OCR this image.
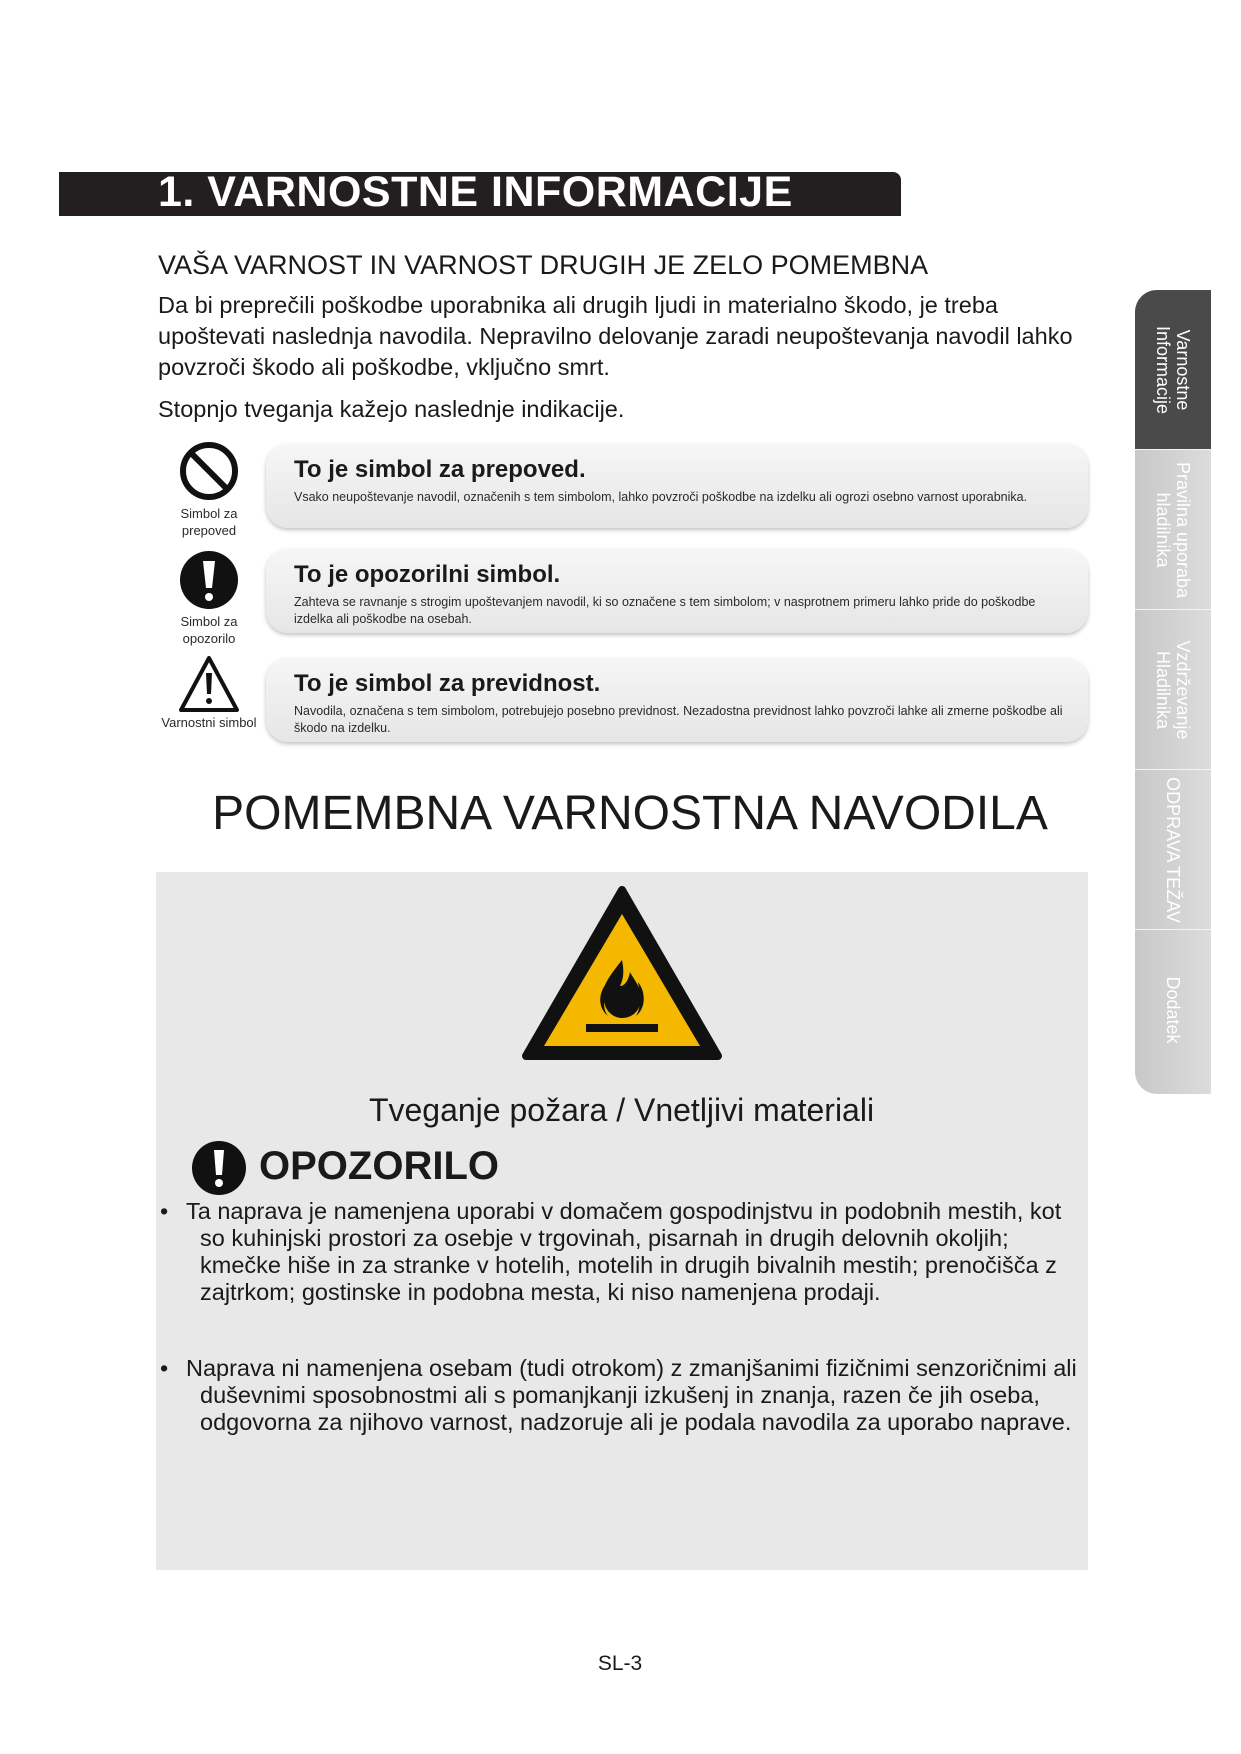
1. VARNOSTNE INFORMACIJE
VAŠA VARNOST IN VARNOST DRUGIH JE ZELO POMEMBNA

Da bi preprečili poškodbe uporabnika ali drugih ljudi in materialno škodo, je treba upoštevati naslednja navodila. Nepravilno delovanje zaradi neupoštevanja navodil lahko povzroči škodo ali poškodbe, vključno smrt.

Stopnjo tveganja kažejo naslednje indikacije.

Simbol za prepoved

To je simbol za prepoved.

Vsako neupoštevanje navodil, označenih s tem simbolom, lahko povzroči poškodbe na izdelku ali ogrozi osebno varnost uporabnika.

Simbol za opozorilo

To je opozorilni simbol.

Zahteva se ravnanje s strogim upoštevanjem navodil, ki so označene s tem simbolom; v nasprotnem primeru lahko pride do poškodbe izdelka ali poškodbe na osebah.

Varnostni simbol

To je simbol za previdnost.

Navodila, označena s tem simbolom, potrebujejo posebno previdnost. Nezadostna previdnost lahko povzroči lahke ali zmerne poškodbe ali škodo na izdelku.

POMEMBNA VARNOSTNA NAVODILA

Tveganje požara / Vnetljivi materiali

OPOZORILO
• Ta naprava je namenjena uporabi v domačem gospodinjstvu in podobnih mestih, kot so kuhinjski prostori za osebje v trgovinah, pisarnah in drugih delovnih okoljih; kmečke hiše in za stranke v hotelih, motelih in drugih bivalnih mestih; prenočišča z zajtrkom; gostinske in podobna mesta, ki niso namenjena prodaji.
• Naprava ni namenjena osebam (tudi otrokom) z zmanjšanimi fizičnimi senzoričnimi ali duševnimi sposobnostmi ali s pomanjkanji izkušenj in znanja, razen če jih oseba, odgovorna za njihovo varnost, nadzoruje ali je podala navodila za uporabo naprave.
SL-3
Varnostne
Informacije
Pravilna uporaba
hladilnika
Vzdrževanje
Hladilnika
ODPRAVA TEŽAV
Dodatek
